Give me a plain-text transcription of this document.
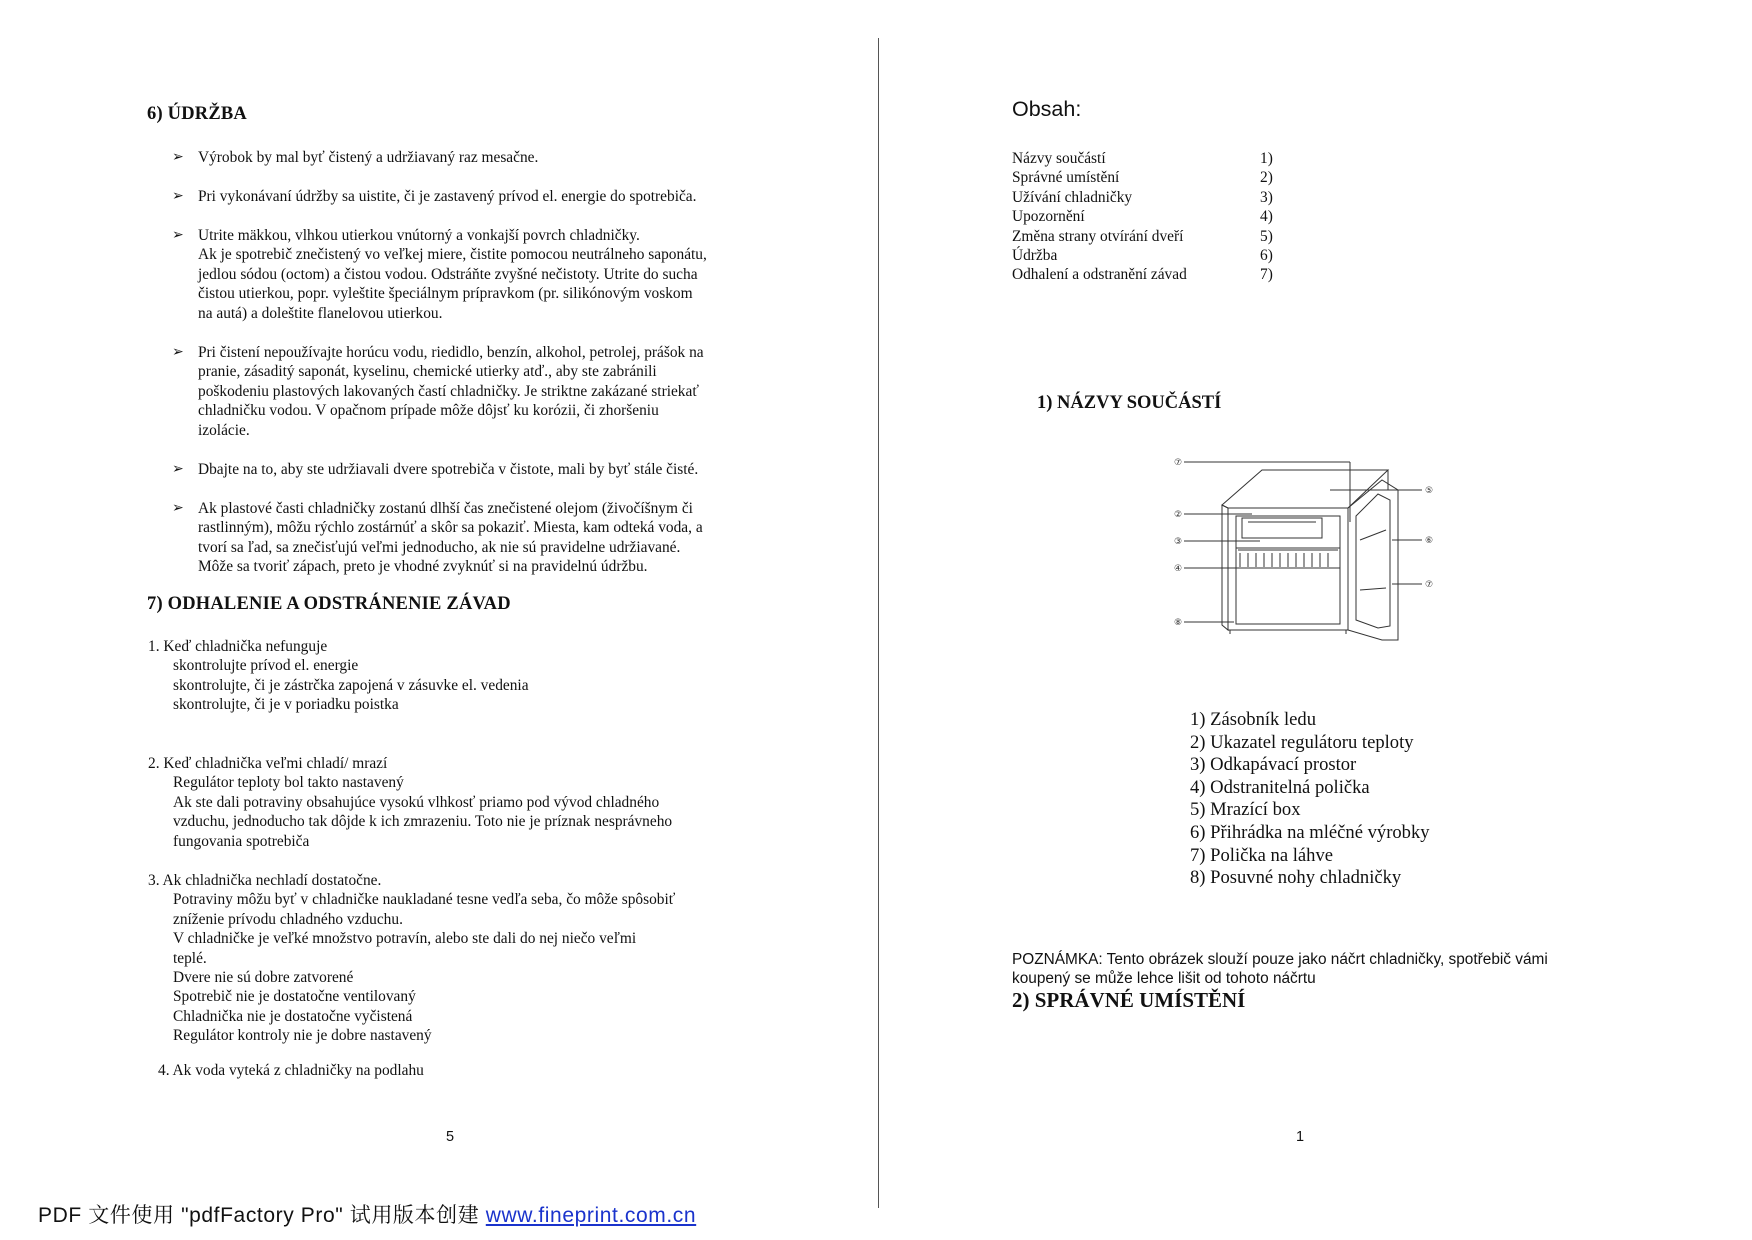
6) ÚDRŽBA
➢ Výrobok by mal byť čistený a udržiavaný raz mesačne.
➢ Pri vykonávaní údržby sa uistite, či je zastavený prívod el. energie do spotrebiča.
➢ Utrite mäkkou, vlhkou utierkou vnútorný a vonkajší povrch chladničky.
Ak je spotrebič znečistený vo veľkej miere, čistite pomocou neutrálneho saponátu,
jedlou sódou (octom) a čistou vodou. Odstráňte zvyšné nečistoty. Utrite do sucha
čistou utierkou, popr. vyleštite špeciálnym prípravkom (pr. silikónovým voskom
na autá) a doleštite flanelovou utierkou.
➢ Pri čistení nepoužívajte horúcu vodu, riedidlo, benzín, alkohol, petrolej, prášok na
pranie, zásaditý saponát, kyselinu, chemické utierky atď., aby ste zabránili
poškodeniu plastových lakovaných častí chladničky. Je striktne zakázané striekať
chladničku vodou. V opačnom prípade môže dôjsť ku korózii, či zhoršeniu
izolácie.
➢ Dbajte na to, aby ste udržiavali dvere spotrebiča v čistote, mali by byť stále čisté.
➢ Ak plastové časti chladničky zostanú dlhší čas znečistené olejom (živočíšnym či
rastlinným), môžu rýchlo zostárnúť a skôr sa pokaziť. Miesta, kam odteká voda, a
tvorí sa ľad, sa znečisťujú veľmi jednoducho, ak nie sú pravidelne udržiavané.
Môže sa tvoriť zápach, preto je vhodné zvyknúť si na pravidelnú údržbu.
7) ODHALENIE A ODSTRÁNENIE ZÁVAD
1. Keď chladnička nefunguje
skontrolujte prívod el. energie
skontrolujte, či je zástrčka zapojená v zásuvke el. vedenia
skontrolujte, či je v poriadku poistka
2. Keď chladnička veľmi chladí/ mrazí
Regulátor teploty bol takto nastavený
Ak ste dali potraviny obsahujúce vysokú vlhkosť priamo pod vývod chladného
vzduchu, jednoducho tak dôjde k ich zmrazeniu. Toto nie je príznak nesprávneho
fungovania spotrebiča
3. Ak chladnička nechladí dostatočne.
Potraviny môžu byť v chladničke naukladané tesne vedľa seba, čo môže spôsobiť
zníženie prívodu chladného vzduchu.
V chladničke je veľké množstvo potravín, alebo ste dali do nej niečo veľmi
teplé.
Dvere nie sú dobre zatvorené
Spotrebič nie je dostatočne ventilovaný
Chladnička nie je dostatočne vyčistená
Regulátor kontroly nie je dobre nastavený
4. Ak voda vyteká z chladničky na podlahu
5
Obsah:
Názvy součástí	1)
Správné umístění	2)
Užívání chladničky	3)
Upozornění	4)
Změna strany otvírání dveří	5)
Údržba	6)
Odhalení a odstranění závad	7)
1) NÁZVY SOUČÁSTÍ
⑦
②
③
④
⑧
⑤
⑥
⑦
1) Zásobník ledu
2) Ukazatel regulátoru teploty
3) Odkapávací prostor
4) Odstranitelná polička
5) Mrazící box
6) Přihrádka na mléčné výrobky
7) Polička na láhve
8) Posuvné nohy chladničky
POZNÁMKA: Tento obrázek slouží pouze jako náčrt chladničky, spotřebič vámi
koupený se může lehce lišit od tohoto náčrtu
2) SPRÁVNÉ UMÍSTĚNÍ
1
PDF 文件使用 "pdfFactory Pro" 试用版本创建 www.fineprint.com.cn
